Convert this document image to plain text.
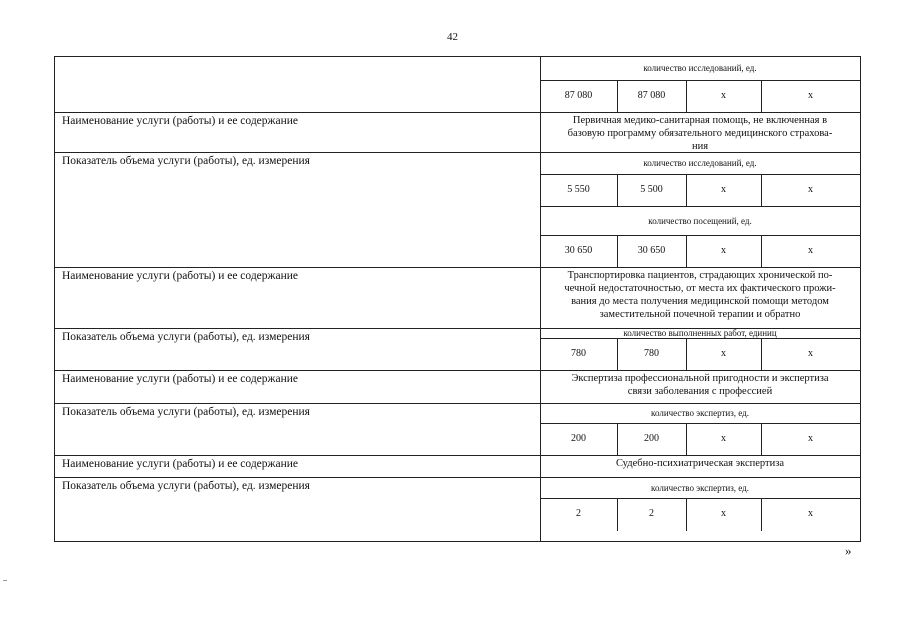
42
количество исследований, ед.
87 080	87 080	х	х
Наименование услуги (работы) и ее содержание	Первичная медико-санитарная помощь, не включенная в
базовую программу обязательного медицинского страхова-
ния
Показатель объема услуги (работы), ед. измерения	количество исследований, ед.
5 550	5 500	х	х
количество посещений, ед.
30 650	30 650	х	х
Наименование услуги (работы) и ее содержание	Транспортировка пациентов, страдающих хронической по-
чечной недостаточностью, от места их фактического прожи-
вания до места получения медицинской помощи методом
заместительной почечной терапии и обратно
Показатель объема услуги (работы), ед. измерения	количество выполненных работ, единиц
780	780	х	х
Наименование услуги (работы) и ее содержание	Экспертиза профессиональной пригодности и экспертиза
связи заболевания с профессией
Показатель объема услуги (работы), ед. измерения	количество экспертиз, ед.
200	200	х	х
Наименование услуги (работы) и ее содержание	Судебно-психиатрическая экспертиза
Показатель объема услуги (работы), ед. измерения	количество экспертиз, ед.
2	2	х	х
»
